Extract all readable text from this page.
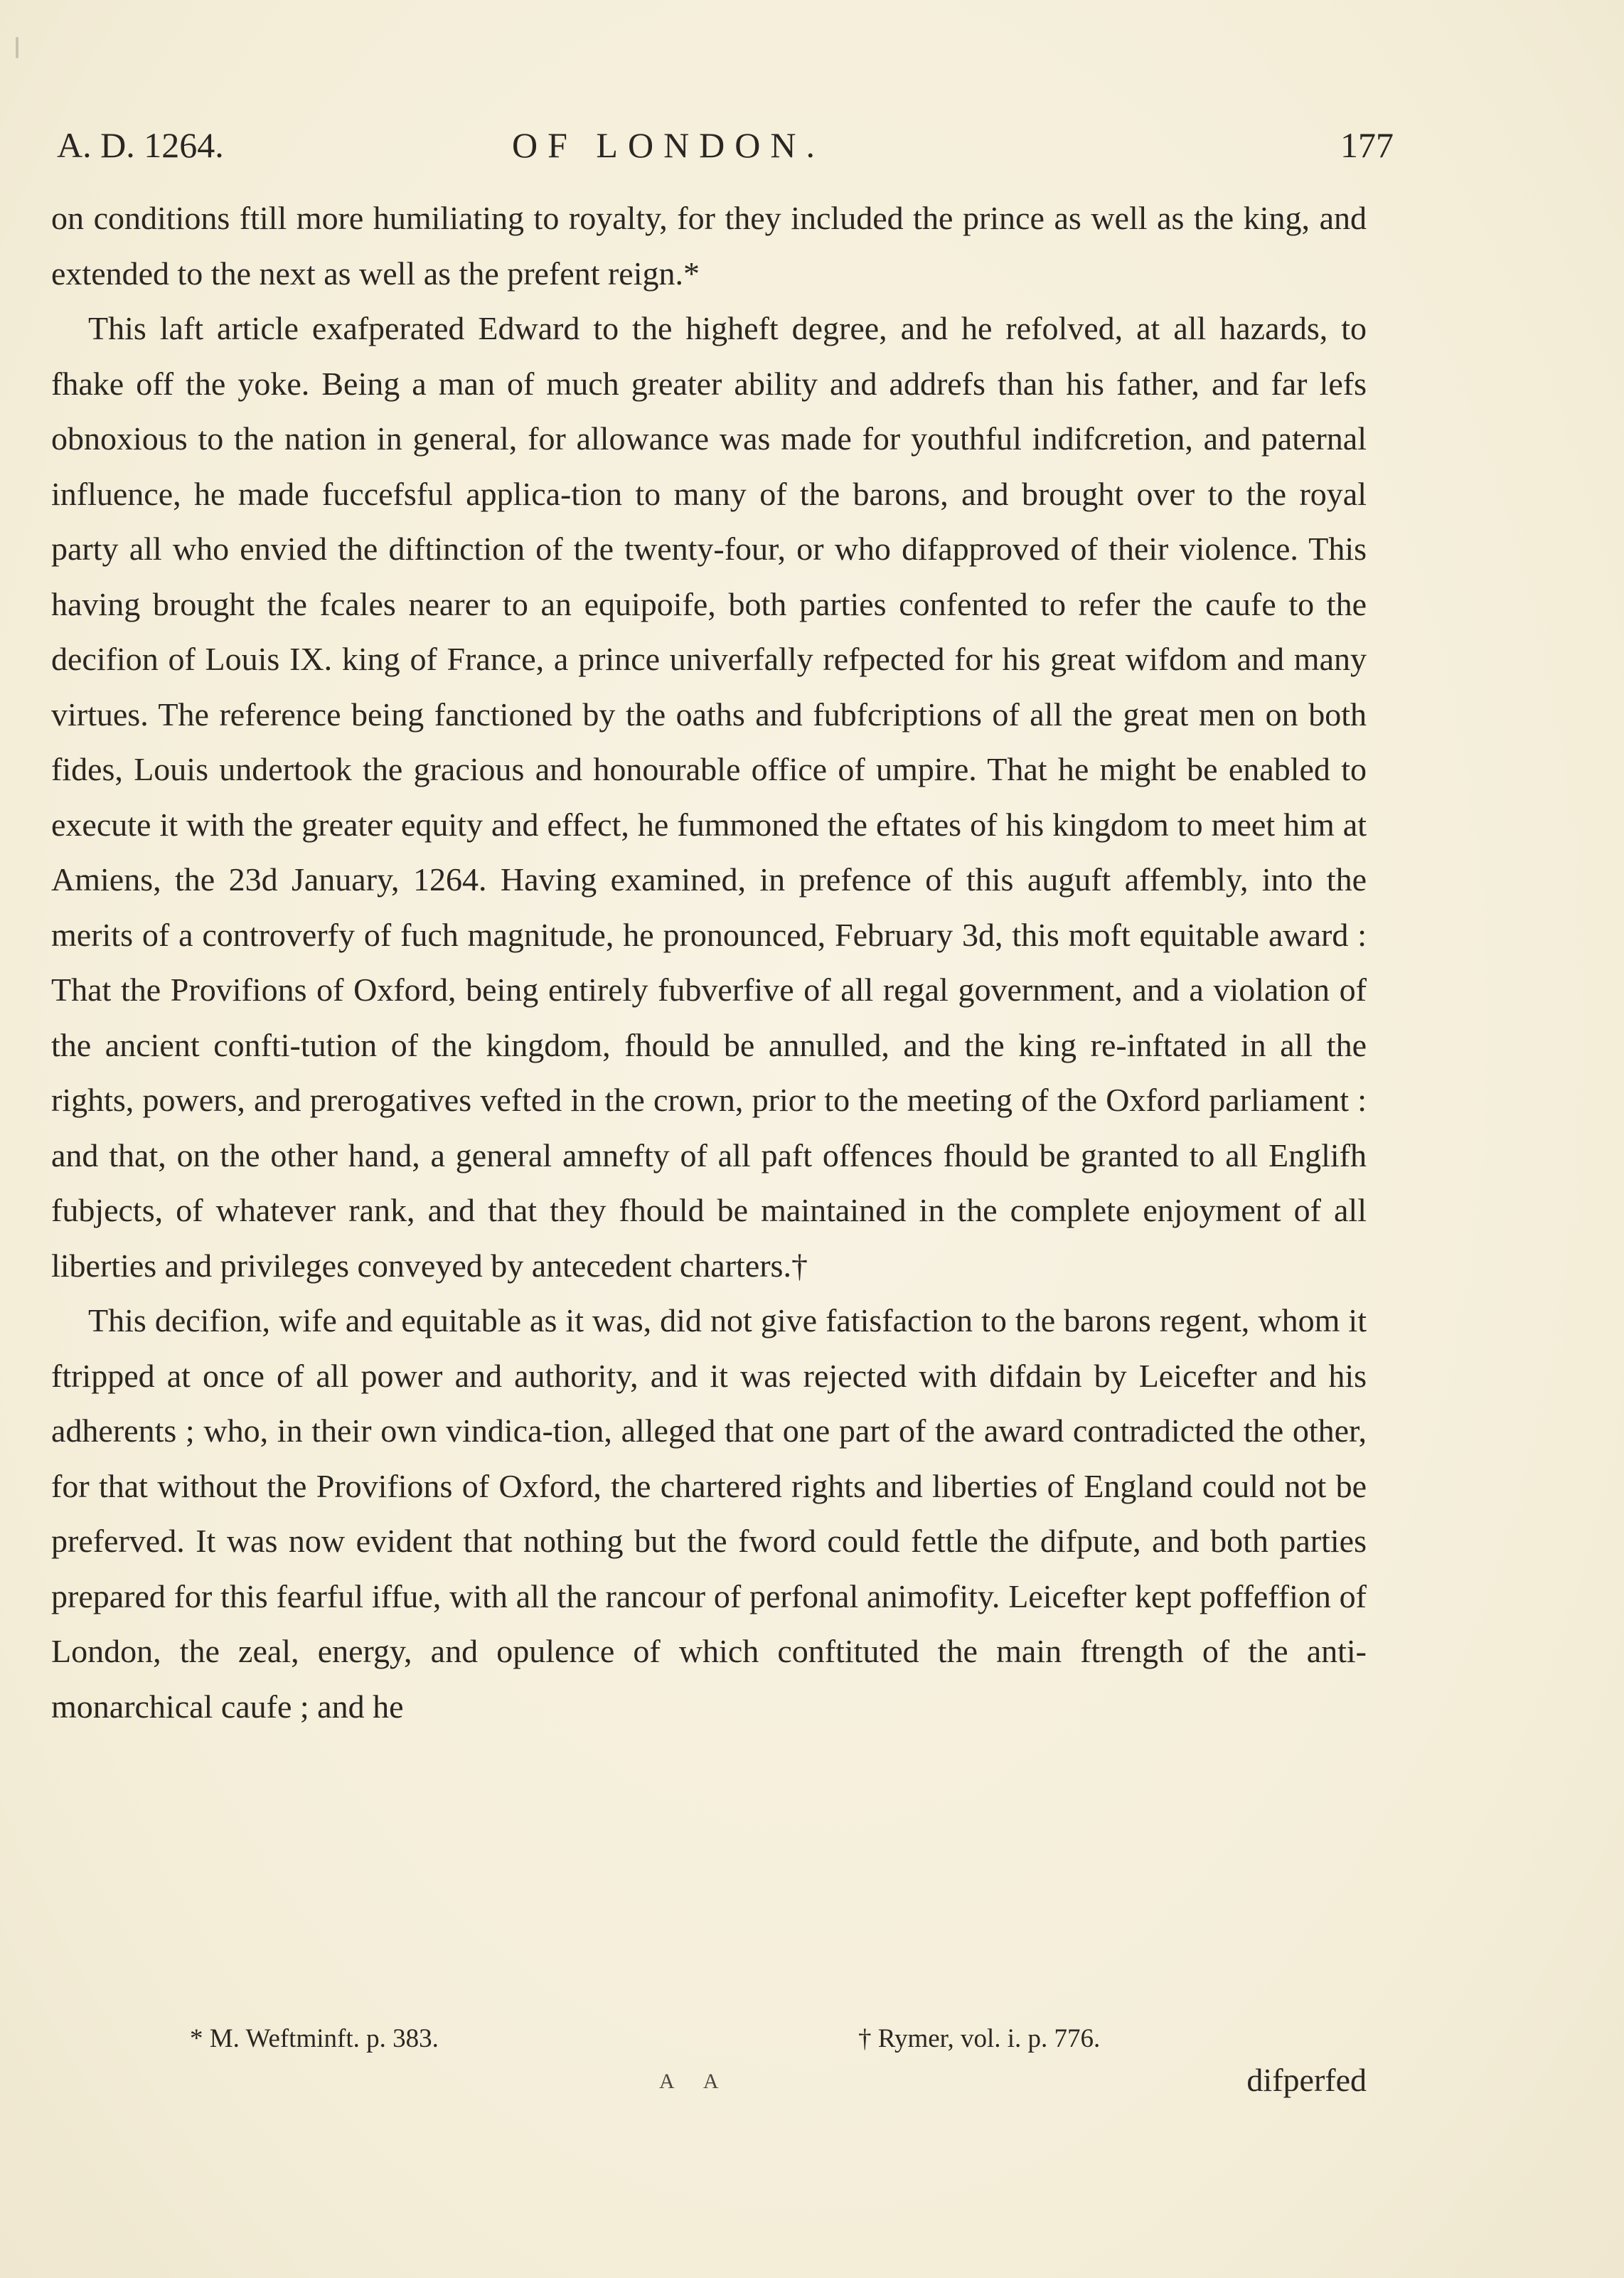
A. D. 1264.	OF LONDON.	177

on conditions ftill more humiliating to royalty, for they included the prince as well as the king, and extended to the next as well as the prefent reign.*

This laft article exafperated Edward to the higheft degree, and he refolved, at all hazards, to fhake off the yoke. Being a man of much greater ability and addrefs than his father, and far lefs obnoxious to the nation in general, for allowance was made for youthful indifcretion, and paternal influence, he made fuccefsful applica-tion to many of the barons, and brought over to the royal party all who envied the diftinction of the twenty-four, or who difapproved of their violence. This having brought the fcales nearer to an equipoife, both parties confented to refer the caufe to the decifion of Louis IX. king of France, a prince univerfally refpected for his great wifdom and many virtues. The reference being fanctioned by the oaths and fubfcriptions of all the great men on both fides, Louis undertook the gracious and honourable office of umpire. That he might be enabled to execute it with the greater equity and effect, he fummoned the eftates of his kingdom to meet him at Amiens, the 23d January, 1264. Having examined, in prefence of this auguft affembly, into the merits of a controverfy of fuch magnitude, he pronounced, February 3d, this moft equitable award : That the Provifions of Oxford, being entirely fubverfive of all regal government, and a violation of the ancient confti-tution of the kingdom, fhould be annulled, and the king re-inftated in all the rights, powers, and prerogatives vefted in the crown, prior to the meeting of the Oxford parliament : and that, on the other hand, a general amnefty of all paft offences fhould be granted to all Englifh fubjects, of whatever rank, and that they fhould be maintained in the complete enjoyment of all liberties and privileges conveyed by antecedent charters.†

This decifion, wife and equitable as it was, did not give fatisfaction to the barons regent, whom it ftripped at once of all power and authority, and it was rejected with difdain by Leicefter and his adherents ; who, in their own vindica-tion, alleged that one part of the award contradicted the other, for that without the Provifions of Oxford, the chartered rights and liberties of England could not be preferved. It was now evident that nothing but the fword could fettle the difpute, and both parties prepared for this fearful iffue, with all the rancour of perfonal animofity. Leicefter kept poffeffion of London, the zeal, energy, and opulence of which conftituted the main ftrength of the anti-monarchical caufe ; and he

* M. Weftminft. p. 383.	† Rymer, vol. i. p. 776.
A A	difperfed
